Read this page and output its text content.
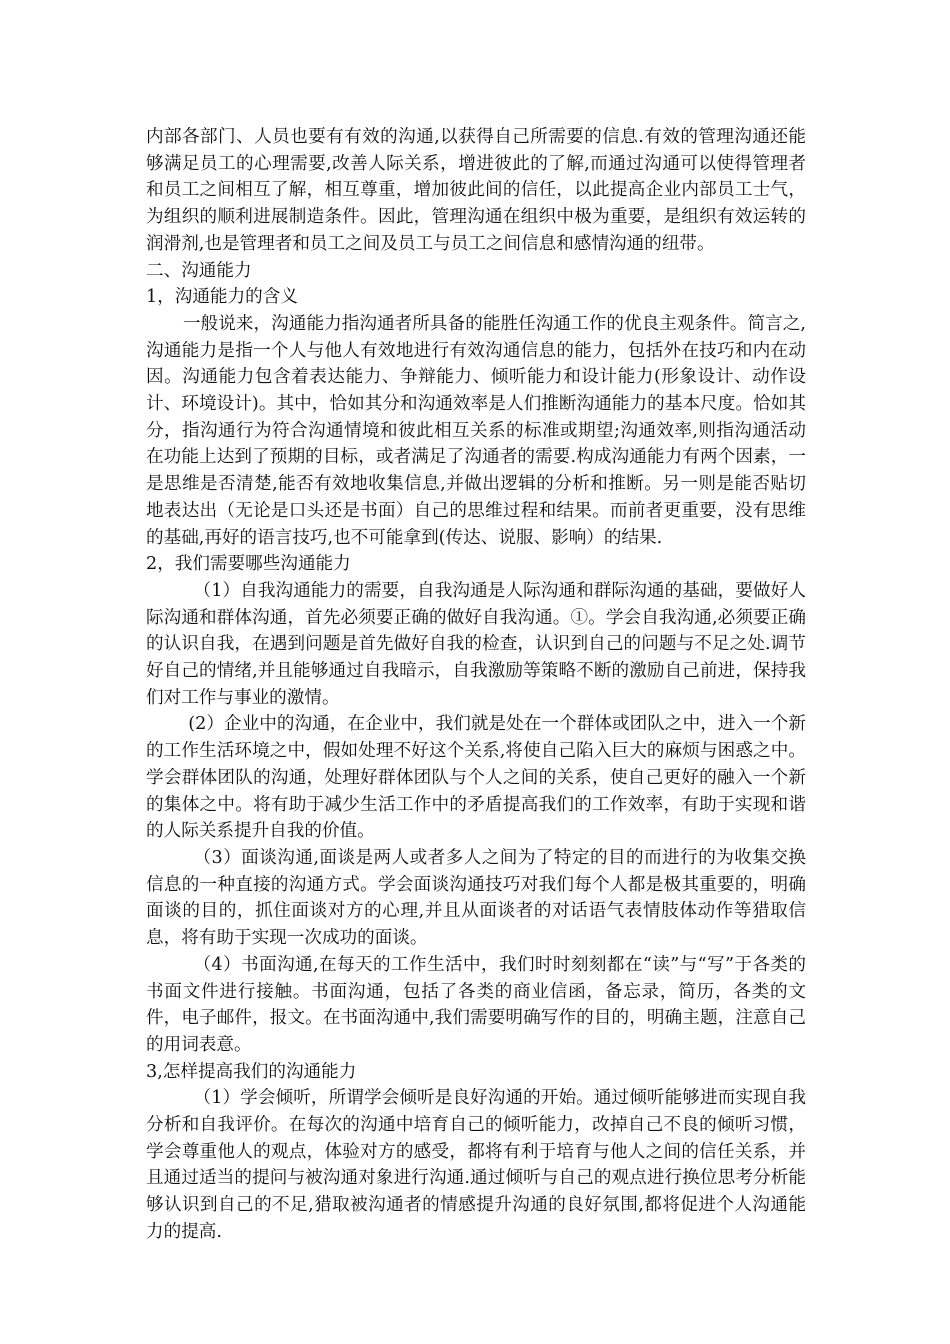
内部各部门、人员也要有有效的沟通,以获得自己所需要的信息.有效的管理沟通还能够满足员工的心理需要,改善人际关系，增进彼此的了解,而通过沟通可以使得管理者和员工之间相互了解，相互尊重，增加彼此间的信任，以此提高企业内部员工士气，为组织的顺利进展制造条件。因此，管理沟通在组织中极为重要，是组织有效运转的润滑剂,也是管理者和员工之间及员工与员工之间信息和感情沟通的纽带。

二、沟通能力

1，沟通能力的含义

一般说来，沟通能力指沟通者所具备的能胜任沟通工作的优良主观条件。简言之,沟通能力是指一个人与他人有效地进行有效沟通信息的能力，包括外在技巧和内在动因。沟通能力包含着表达能力、争辩能力、倾听能力和设计能力(形象设计、动作设计、环境设计)。其中，恰如其分和沟通效率是人们推断沟通能力的基本尺度。恰如其分，指沟通行为符合沟通情境和彼此相互关系的标准或期望;沟通效率,则指沟通活动在功能上达到了预期的目标，或者满足了沟通者的需要.构成沟通能力有两个因素，一是思维是否清楚,能否有效地收集信息,并做出逻辑的分析和推断。另一则是能否贴切地表达出（无论是口头还是书面）自己的思维过程和结果。而前者更重要，没有思维的基础,再好的语言技巧,也不可能拿到(传达、说服、影响）的结果.

2，我们需要哪些沟通能力

（1）自我沟通能力的需要，自我沟通是人际沟通和群际沟通的基础，要做好人际沟通和群体沟通，首先必须要正确的做好自我沟通。①。学会自我沟通,必须要正确的认识自我，在遇到问题是首先做好自我的检查，认识到自己的问题与不足之处.调节好自己的情绪,并且能够通过自我暗示，自我激励等策略不断的激励自己前进，保持我们对工作与事业的激情。

(2）企业中的沟通，在企业中，我们就是处在一个群体或团队之中，进入一个新的工作生活环境之中，假如处理不好这个关系,将使自己陷入巨大的麻烦与困惑之中。学会群体团队的沟通，处理好群体团队与个人之间的关系，使自己更好的融入一个新的集体之中。将有助于减少生活工作中的矛盾提高我们的工作效率，有助于实现和谐的人际关系提升自我的价值。

（3）面谈沟通,面谈是两人或者多人之间为了特定的目的而进行的为收集交换信息的一种直接的沟通方式。学会面谈沟通技巧对我们每个人都是极其重要的，明确面谈的目的，抓住面谈对方的心理,并且从面谈者的对话语气表情肢体动作等猎取信息，将有助于实现一次成功的面谈。

（4）书面沟通,在每天的工作生活中，我们时时刻刻都在“读”与“写”于各类的书面文件进行接触。书面沟通，包括了各类的商业信函，备忘录，简历，各类的文件，电子邮件，报文。在书面沟通中,我们需要明确写作的目的，明确主题，注意自己的用词表意。

3,怎样提高我们的沟通能力

（1）学会倾听，所谓学会倾听是良好沟通的开始。通过倾听能够进而实现自我分析和自我评价。在每次的沟通中培育自己的倾听能力，改掉自己不良的倾听习惯，学会尊重他人的观点，体验对方的感受，都将有利于培育与他人之间的信任关系，并且通过适当的提问与被沟通对象进行沟通.通过倾听与自己的观点进行换位思考分析能够认识到自己的不足,猎取被沟通者的情感提升沟通的良好氛围,都将促进个人沟通能力的提高.
